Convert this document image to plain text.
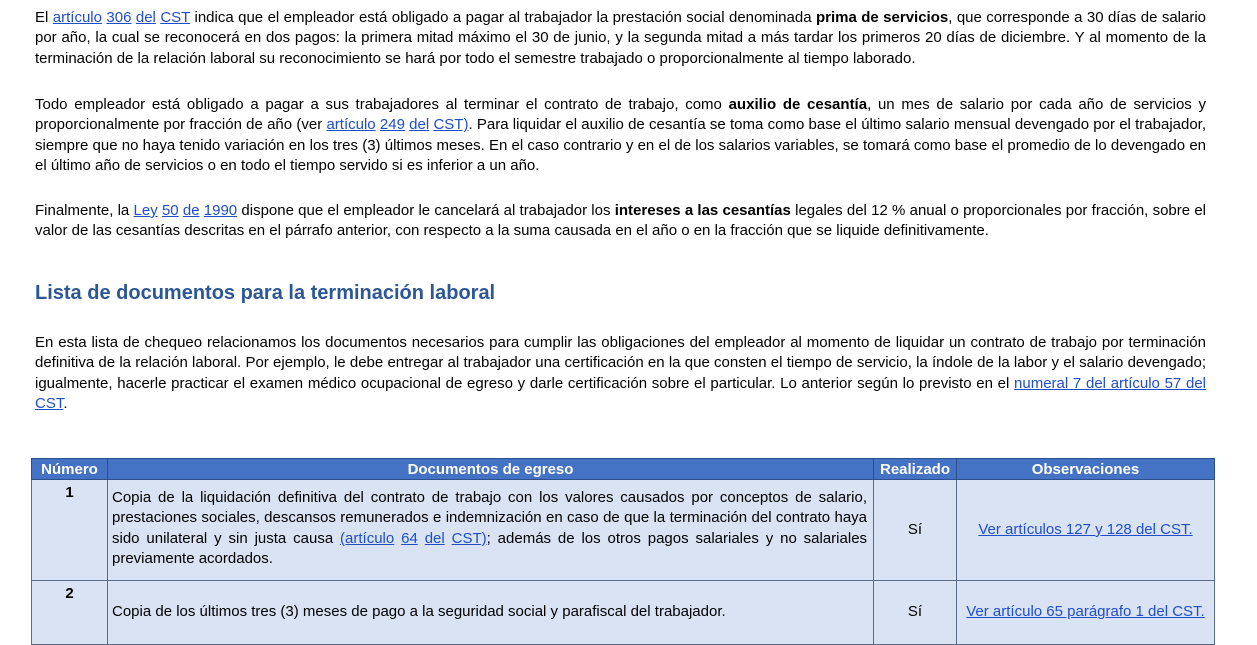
El artículo 306 del CST indica que el empleador está obligado a pagar al trabajador la prestación social denominada prima de servicios, que corresponde a 30 días de salario por año, la cual se reconocerá en dos pagos: la primera mitad máximo el 30 de junio, y la segunda mitad a más tardar los primeros 20 días de diciembre. Y al momento de la terminación de la relación laboral su reconocimiento se hará por todo el semestre trabajado o proporcionalmente al tiempo laborado.

Todo empleador está obligado a pagar a sus trabajadores al terminar el contrato de trabajo, como auxilio de cesantía, un mes de salario por cada año de servicios y proporcionalmente por fracción de año (ver artículo 249 del CST). Para liquidar el auxilio de cesantía se toma como base el último salario mensual devengado por el trabajador, siempre que no haya tenido variación en los tres (3) últimos meses. En el caso contrario y en el de los salarios variables, se tomará como base el promedio de lo devengado en el último año de servicios o en todo el tiempo servido si es inferior a un año.

Finalmente, la Ley 50 de 1990 dispone que el empleador le cancelará al trabajador los intereses a las cesantías legales del 12 % anual o proporcionales por fracción, sobre el valor de las cesantías descritas en el párrafo anterior, con respecto a la suma causada en el año o en la fracción que se liquide definitivamente.

Lista de documentos para la terminación laboral

En esta lista de chequeo relacionamos los documentos necesarios para cumplir las obligaciones del empleador al momento de liquidar un contrato de trabajo por terminación definitiva de la relación laboral. Por ejemplo, le debe entregar al trabajador una certificación en la que consten el tiempo de servicio, la índole de la labor y el salario devengado; igualmente, hacerle practicar el examen médico ocupacional de egreso y darle certificación sobre el particular. Lo anterior según lo previsto en el numeral 7 del artículo 57 del CST.

Número	Documentos de egreso	Realizado	Observaciones
1	Copia de la liquidación definitiva del contrato de trabajo con los valores causados por conceptos de salario, prestaciones sociales, descansos remunerados e indemnización en caso de que la terminación del contrato haya sido unilateral y sin justa causa (artículo 64 del CST); además de los otros pagos salariales y no salariales previamente acordados.	Sí	Ver artículos 127 y 128 del CST.
2	Copia de los últimos tres (3) meses de pago a la seguridad social y parafiscal del trabajador.	Sí	Ver artículo 65 parágrafo 1 del CST.
